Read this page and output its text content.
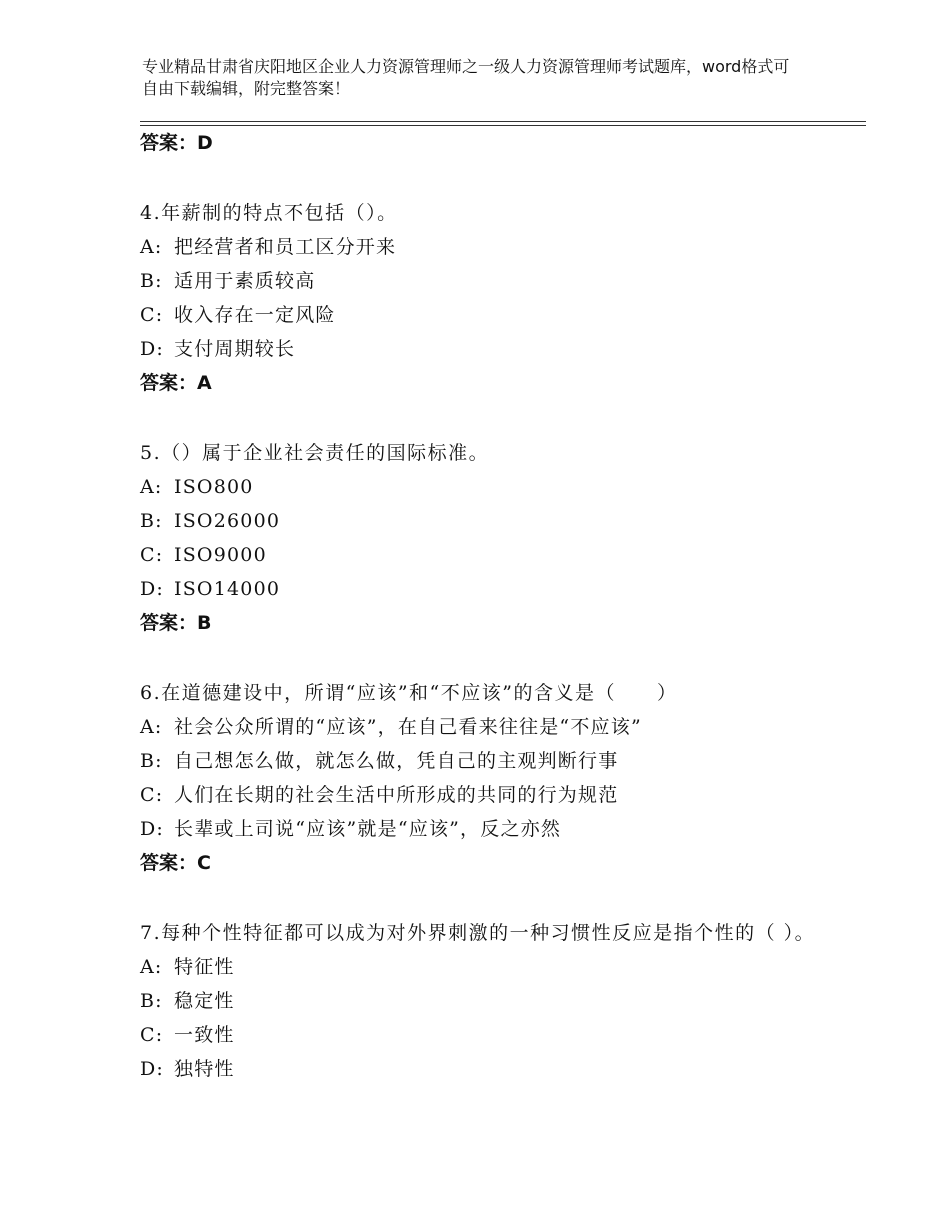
专业精品甘肃省庆阳地区企业人力资源管理师之一级人力资源管理师考试题库，word格式可自由下载编辑，附完整答案！
答案：D
4.年薪制的特点不包括（）。
A: 把经营者和员工区分开来
B: 适用于素质较高
C: 收入存在一定风险
D: 支付周期较长
答案：A
5.（）属于企业社会责任的国际标准。
A: ISO800
B: ISO26000
C: ISO9000
D: ISO14000
答案：B
6.在道德建设中，所谓“应该”和“不应该”的含义是（　　）
A: 社会公众所谓的“应该”，在自己看来往往是“不应该”
B: 自己想怎么做，就怎么做，凭自己的主观判断行事
C: 人们在长期的社会生活中所形成的共同的行为规范
D: 长辈或上司说“应该”就是“应该”，反之亦然
答案：C
7.每种个性特征都可以成为对外界刺激的一种习惯性反应是指个性的（ ）。
A: 特征性
B: 稳定性
C: 一致性
D: 独特性
